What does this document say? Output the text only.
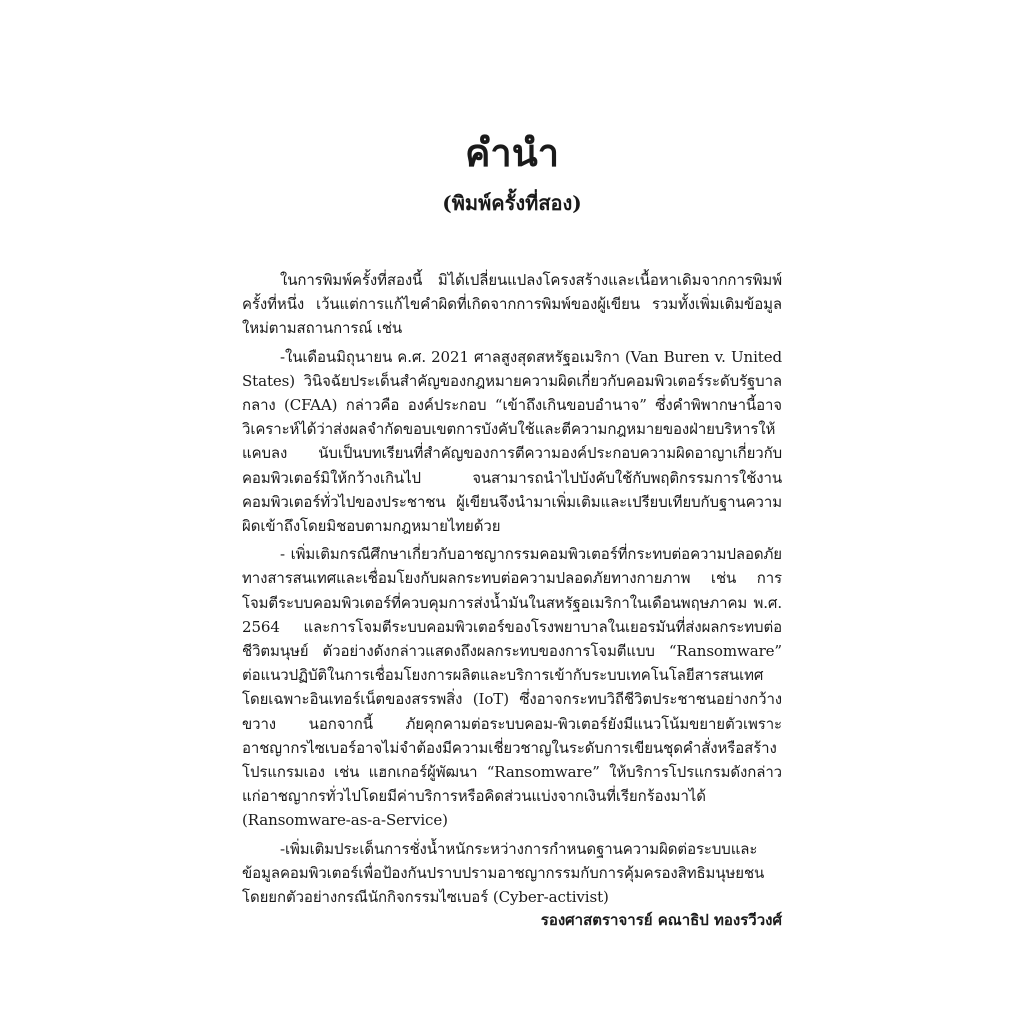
คำนำ
(พิมพ์ครั้งที่สอง)

ในการพิมพ์ครั้งที่สองนี้ มิได้เปลี่ยนแปลงโครงสร้างและเนื้อหาเดิมจากการพิมพ์ครั้งที่หนึ่ง เว้นแต่การแก้ไขคำผิดที่เกิดจากการพิมพ์ของผู้เขียน รวมทั้งเพิ่มเติมข้อมูลใหม่ตามสถานการณ์ เช่น

-ในเดือนมิถุนายน ค.ศ. 2021 ศาลสูงสุดสหรัฐอเมริกา (Van Buren v. United States) วินิจฉัยประเด็นสำคัญของกฎหมายความผิดเกี่ยวกับคอมพิวเตอร์ระดับรัฐบาลกลาง (CFAA) กล่าวคือ องค์ประกอบ “เข้าถึงเกินขอบอำนาจ” ซึ่งคำพิพากษานี้อาจวิเคราะห์ได้ว่าส่งผลจำกัดขอบเขตการบังคับใช้และตีความกฎหมายของฝ่ายบริหารให้แคบลง นับเป็นบทเรียนที่สำคัญของการตีความองค์ประกอบความผิดอาญาเกี่ยวกับคอมพิวเตอร์มิให้กว้างเกินไป จนสามารถนำไปบังคับใช้กับพฤติกรรมการใช้งานคอมพิวเตอร์ทั่วไปของประชาชน ผู้เขียนจึงนำมาเพิ่มเติมและเปรียบเทียบกับฐานความผิดเข้าถึงโดยมิชอบตามกฎหมายไทยด้วย

- เพิ่มเติมกรณีศึกษาเกี่ยวกับอาชญากรรมคอมพิวเตอร์ที่กระทบต่อความปลอดภัยทางสารสนเทศและเชื่อมโยงกับผลกระทบต่อความปลอดภัยทางกายภาพ เช่น การโจมตีระบบคอมพิวเตอร์ที่ควบคุมการส่งน้ำมันในสหรัฐอเมริกาในเดือนพฤษภาคม พ.ศ. 2564 และการโจมตีระบบคอมพิวเตอร์ของโรงพยาบาลในเยอรมันที่ส่งผลกระทบต่อชีวิตมนุษย์ ตัวอย่างดังกล่าวแสดงถึงผลกระทบของการโจมตีแบบ “Ransomware” ต่อแนวปฏิบัติในการเชื่อมโยงการผลิตและบริการเข้ากับระบบเทคโนโลยีสารสนเทศ โดยเฉพาะอินเทอร์เน็ตของสรรพสิ่ง (IoT) ซึ่งอาจกระทบวิถีชีวิตประชาชนอย่างกว้างขวาง นอกจากนี้ ภัยคุกคามต่อระบบคอม-พิวเตอร์ยังมีแนวโน้มขยายตัวเพราะอาชญากรไซเบอร์อาจไม่จำต้องมีความเชี่ยวชาญในระดับการเขียนชุดคำสั่งหรือสร้างโปรแกรมเอง เช่น แฮกเกอร์ผู้พัฒนา “Ransomware” ให้บริการโปรแกรมดังกล่าวแก่อาชญากรทั่วไปโดยมีค่าบริการหรือคิดส่วนแบ่งจากเงินที่เรียกร้องมาได้ (Ransomware-as-a-Service)

-เพิ่มเติมประเด็นการชั่งน้ำหนักระหว่างการกำหนดฐานความผิดต่อระบบและข้อมูลคอมพิวเตอร์เพื่อป้องกันปราบปรามอาชญากรรมกับการคุ้มครองสิทธิมนุษยชน โดยยกตัวอย่างกรณีนักกิจกรรมไซเบอร์ (Cyber-activist)

รองศาสตราจารย์ คณาธิป ทองรวีวงศ์
